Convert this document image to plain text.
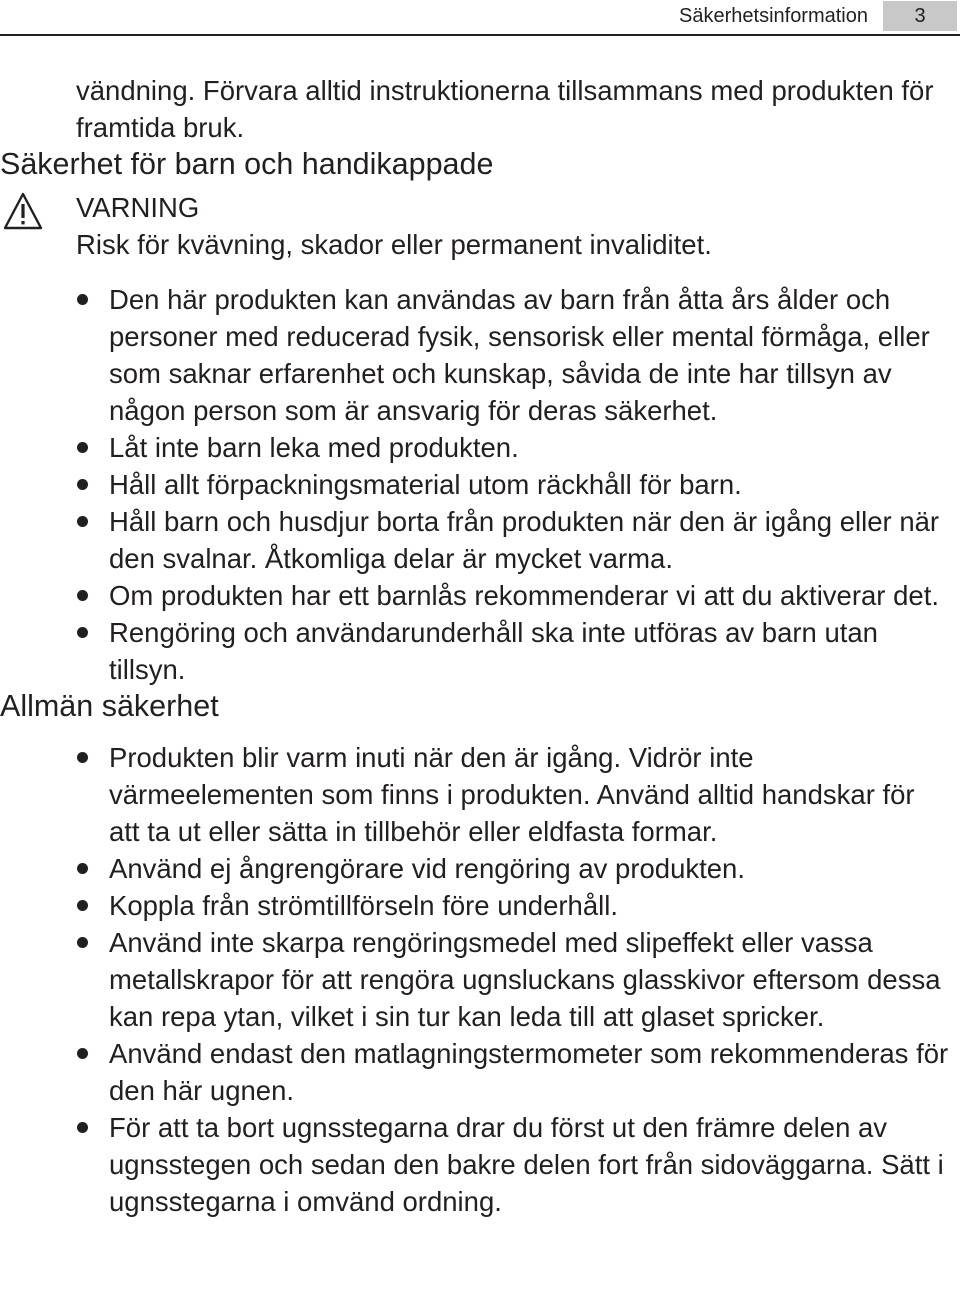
Säkerhetsinformation	3

vändning. Förvara alltid instruktionerna tillsammans med produkten för framtida bruk.

Säkerhet för barn och handikappade
VARNING
Risk för kvävning, skador eller permanent invaliditet.
Den här produkten kan användas av barn från åtta års ålder och personer med reducerad fysik, sensorisk eller mental förmåga, eller som saknar erfarenhet och kunskap, såvida de inte har tillsyn av någon person som är ansvarig för deras säkerhet.
Låt inte barn leka med produkten.
Håll allt förpackningsmaterial utom räckhåll för barn.
Håll barn och husdjur borta från produkten när den är igång eller när den svalnar. Åtkomliga delar är mycket varma.
Om produkten har ett barnlås rekommenderar vi att du aktiverar det.
Rengöring och användarunderhåll ska inte utföras av barn utan tillsyn.
Allmän säkerhet
Produkten blir varm inuti när den är igång. Vidrör inte värmeelementen som finns i produkten. Använd alltid handskar för att ta ut eller sätta in tillbehör eller eldfasta formar.
Använd ej ångrengörare vid rengöring av produkten.
Koppla från strömtillförseln före underhåll.
Använd inte skarpa rengöringsmedel med slipeffekt eller vassa metallskrapor för att rengöra ugnsluckans glasskivor eftersom dessa kan repa ytan, vilket i sin tur kan leda till att glaset spricker.
Använd endast den matlagningstermometer som rekommenderas för den här ugnen.
För att ta bort ugnsstegarna drar du först ut den främre delen av ugnsstegen och sedan den bakre delen fort från sidoväggarna. Sätt i ugnsstegarna i omvänd ordning.
